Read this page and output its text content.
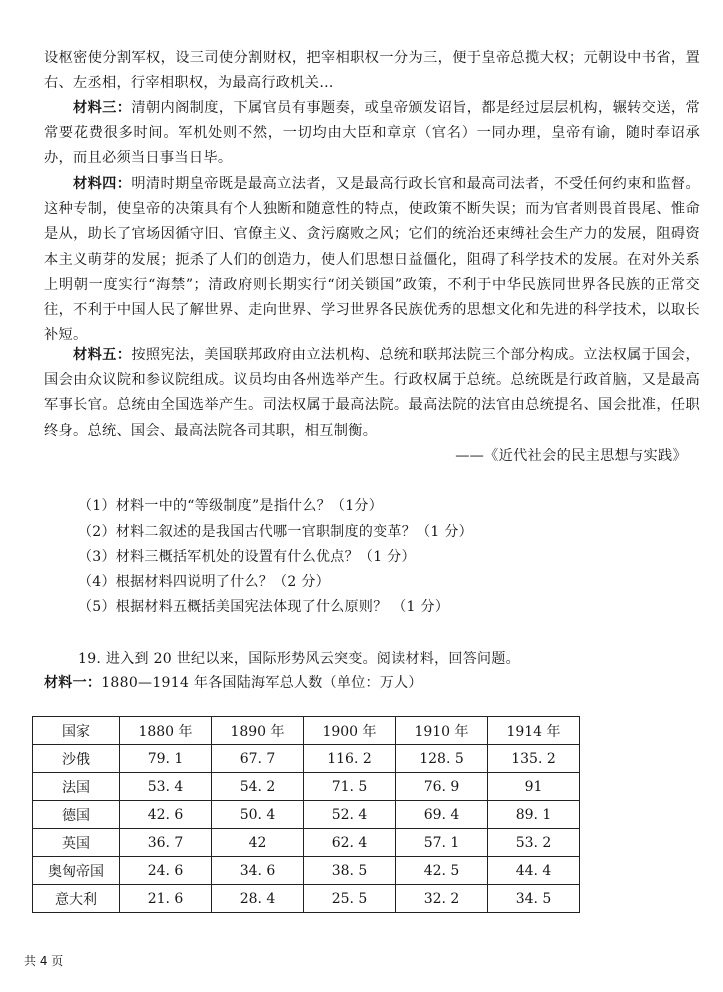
设枢密使分割军权，设三司使分割财权，把宰相职权一分为三，便于皇帝总揽大权；元朝设中书省，置右、左丞相，行宰相职权，为最高行政机关…
材料三：清朝内阁制度，下属官员有事题奏，或皇帝颁发诏旨，都是经过层层机构，辗转交送，常常要花费很多时间。军机处则不然，一切均由大臣和章京（官名）一同办理，皇帝有谕，随时奉诏承办，而且必须当日事当日毕。
材料四：明清时期皇帝既是最高立法者，又是最高行政长官和最高司法者，不受任何约束和监督。这种专制，使皇帝的决策具有个人独断和随意性的特点，使政策不断失误；而为官者则畏首畏尾、惟命是从，助长了官场因循守旧、官僚主义、贪污腐败之风；它们的统治还束缚社会生产力的发展，阻碍资本主义萌芽的发展；扼杀了人们的创造力，使人们思想日益僵化，阻碍了科学技术的发展。在对外关系上明朝一度实行“海禁”；清政府则长期实行“闭关锁国”政策，不利于中华民族同世界各民族的正常交往，不利于中国人民了解世界、走向世界、学习世界各民族优秀的思想文化和先进的科学技术，以取长补短。
材料五：按照宪法，美国联邦政府由立法机构、总统和联邦法院三个部分构成。立法权属于国会，国会由众议院和参议院组成。议员均由各州选举产生。行政权属于总统。总统既是行政首脑，又是最高军事长官。总统由全国选举产生。司法权属于最高法院。最高法院的法官由总统提名、国会批准，任职终身。总统、国会、最高法院各司其职，相互制衡。
——《近代社会的民主思想与实践》
（1）材料一中的“等级制度”是指什么？（1分）
（2）材料二叙述的是我国古代哪一官职制度的变革？（1 分）
（3）材料三概括军机处的设置有什么优点？（1 分）
（4）根据材料四说明了什么？（2 分）
（5）根据材料五概括美国宪法体现了什么原则？ （1 分）
19. 进入到 20 世纪以来，国际形势风云突变。阅读材料，回答问题。
材料一：1880—1914 年各国陆海军总人数（单位：万人）
国家	1880 年	1890 年	1900 年	1910 年	1914 年
沙俄	79. 1	67. 7	116. 2	128. 5	135. 2
法国	53. 4	54. 2	71. 5	76. 9	91
德国	42. 6	50. 4	52. 4	69. 4	89. 1
英国	36. 7	42	62. 4	57. 1	53. 2
奥匈帝国	24. 6	34. 6	38. 5	42. 5	44. 4
意大利	21. 6	28. 4	25. 5	32. 2	34. 5
共 4 页
